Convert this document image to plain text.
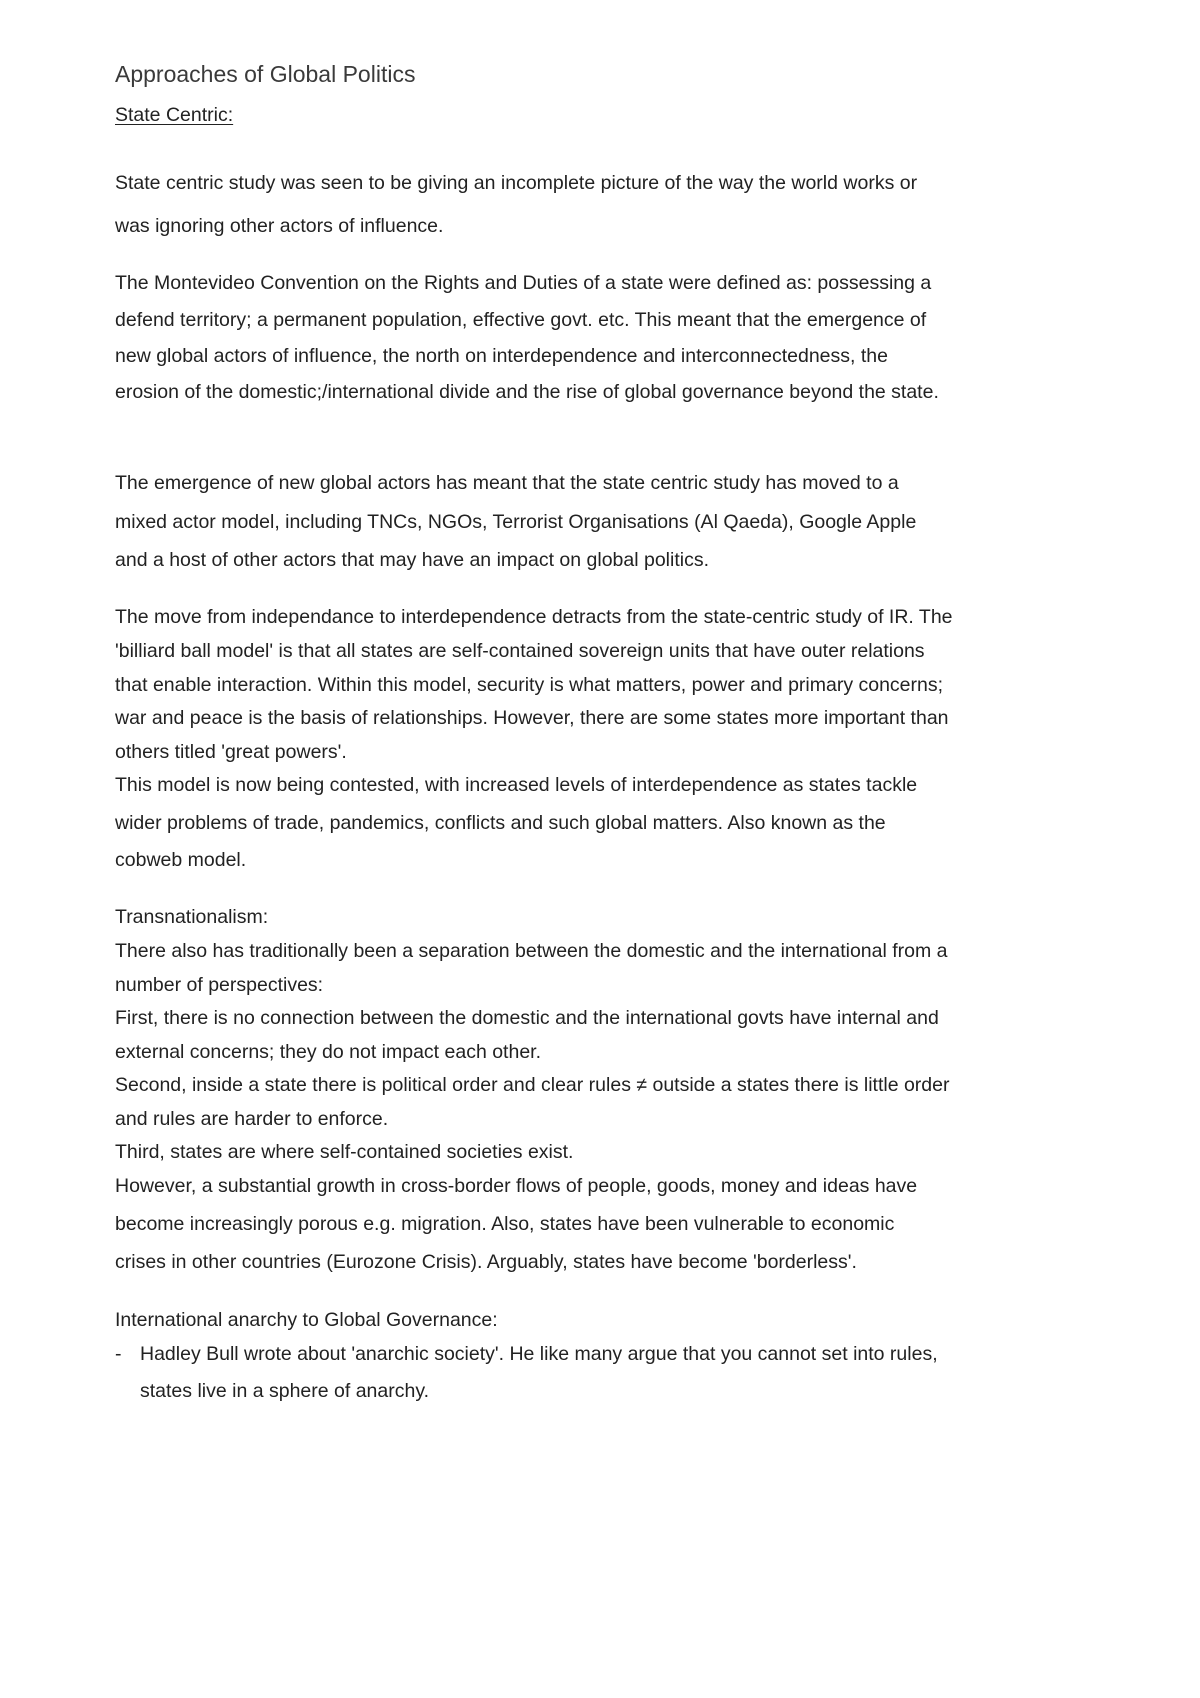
Approaches of Global Politics
State Centric:
State centric study was seen to be giving an incomplete picture of the way the world works or
was ignoring other actors of influence.
The Montevideo Convention on the Rights and Duties of a state were defined as: possessing a
defend territory; a permanent population, effective govt. etc. This meant that the emergence of
new global actors of influence, the north on interdependence and interconnectedness, the
erosion of the domestic;/international divide and the rise of global governance beyond the state.
The emergence of new global actors has meant that the state centric study has moved to a
mixed actor model, including TNCs, NGOs, Terrorist Organisations (Al Qaeda), Google Apple
and a host of other actors that may have an impact on global politics.
The move from independance to interdependence detracts from the state-centric study of IR. The
'billiard ball model' is that all states are self-contained sovereign units that have outer relations
that enable interaction. Within this model, security is what matters, power and primary concerns;
war and peace is the basis of relationships. However, there are some states more important than
others titled 'great powers'.
This model is now being contested, with increased levels of interdependence as states tackle
wider problems of trade, pandemics, conflicts and such global matters. Also known as the
cobweb model.
Transnationalism:
There also has traditionally been a separation between the domestic and the international from a
number of perspectives:
First, there is no connection between the domestic and the international govts have internal and
external concerns; they do not impact each other.
Second, inside a state there is political order and clear rules ≠ outside a states there is little order
and rules are harder to enforce.
Third, states are where self-contained societies exist.
However, a substantial growth in cross-border flows of people, goods, money and ideas have
become increasingly porous e.g. migration. Also, states have been vulnerable to economic
crises in other countries (Eurozone Crisis). Arguably, states have become 'borderless'.
International anarchy to Global Governance:
- Hadley Bull wrote about 'anarchic society'. He like many argue that you cannot set into rules,
states live in a sphere of anarchy.
